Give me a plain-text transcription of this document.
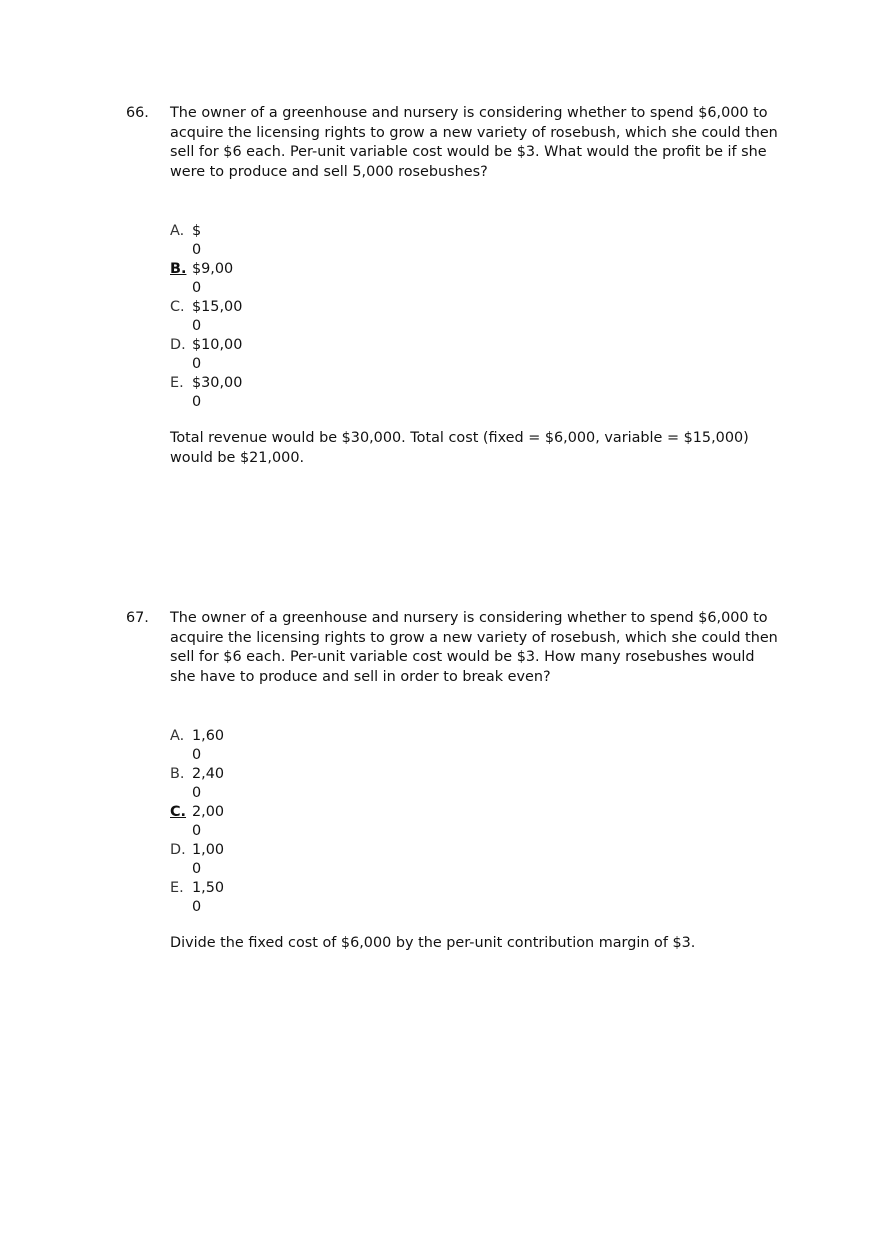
66. The owner of a greenhouse and nursery is considering whether to spend $6,000 to acquire the licensing rights to grow a new variety of rosebush, which she could then sell for $6 each. Per-unit variable cost would be $3. What would the profit be if she were to produce and sell 5,000 rosebushes?
A. $
0
B. $9,00
0
C. $15,00
0
D. $10,00
0
E. $30,00
0
Total revenue would be $30,000. Total cost (fixed = $6,000, variable = $15,000) would be $21,000.
67. The owner of a greenhouse and nursery is considering whether to spend $6,000 to acquire the licensing rights to grow a new variety of rosebush, which she could then sell for $6 each. Per-unit variable cost would be $3. How many rosebushes would she have to produce and sell in order to break even?
A. 1,60
0
B. 2,40
0
C. 2,00
0
D. 1,00
0
E. 1,50
0
Divide the fixed cost of $6,000 by the per-unit contribution margin of $3.
